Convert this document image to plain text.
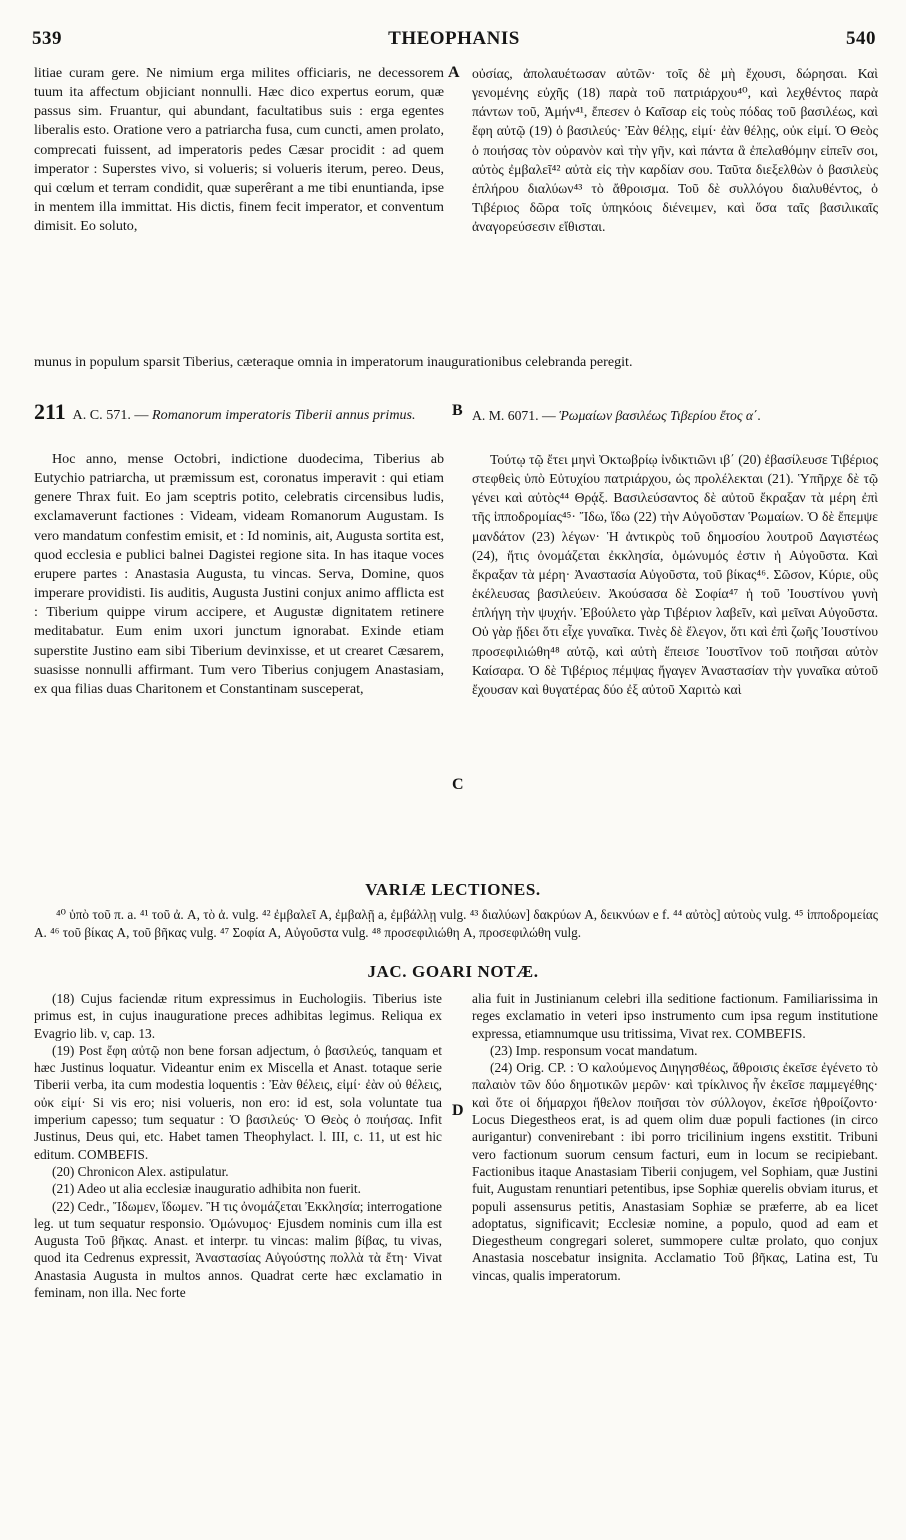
539	THEOPHANIS	540
A
B
C
D

litiae curam gere. Ne nimium erga milites officiaris, ne decessorem tuum ita affectum objiciant nonnulli. Hæc dico expertus eorum, quæ passus sim. Fruantur, qui abundant, facultatibus suis : erga egentes liberalis esto. Oratione vero a patriarcha fusa, cum cuncti, amen prolato, comprecati fuissent, ad imperatoris pedes Cæsar procidit : ad quem imperator : Superstes vivo, si volueris; si volueris iterum, pereo. Deus, qui cœlum et terram condidit, quæ superêrant a me tibi enuntianda, ipse in mentem illa immittat. His dictis, finem fecit imperator, et conventum dimisit. Eo soluto,

οὐσίας, ἀπολαυέτωσαν αὐτῶν· τοῖς δὲ μὴ ἔχουσι, δώρησαι. Καὶ γενομένης εὐχῆς (18) παρὰ τοῦ πατριάρχου⁴⁰, καὶ λεχθέντος παρὰ πάντων τοῦ, Ἀμήν⁴¹, ἔπεσεν ὁ Καῖσαρ εἰς τοὺς πόδας τοῦ βασιλέως, καὶ ἔφη αὐτῷ (19) ὁ βασιλεύς· Ἐὰν θέλῃς, εἰμί· ἐὰν θέλῃς, οὐκ εἰμί. Ὁ Θεὸς ὁ ποιήσας τὸν οὐρανὸν καὶ τὴν γῆν, καὶ πάντα ἃ ἐπελαθόμην εἰπεῖν σοι, αὐτὸς ἐμβαλεῖ⁴² αὐτὰ εἰς τὴν καρδίαν σου. Ταῦτα διεξελθὼν ὁ βασιλεὺς ἐπλήρου διαλύων⁴³ τὸ ἄθροισμα. Τοῦ δὲ συλλόγου διαλυθέντος, ὁ Τιβέριος δῶρα τοῖς ὑπηκόοις διένειμεν, καὶ ὅσα ταῖς βασιλικαῖς ἀναγορεύσεσιν εἴθισται.

munus in populum sparsit Tiberius, cæteraque omnia in imperatorum inaugurationibus celebranda peregit.

211 A. C. 571. — Romanorum imperatoris Tiberii annus primus.	A. M. 6071. — Ῥωμαίων βασιλέως Τιβερίου ἔτος α΄.

Hoc anno, mense Octobri, indictione duodecima, Tiberius ab Eutychio patriarcha, ut præmissum est, coronatus imperavit : qui etiam genere Thrax fuit. Eo jam sceptris potito, celebratis circensibus ludis, exclamaverunt factiones : Videam, videam Romanorum Augustam. Is vero mandatum confestim emisit, et : Id nominis, ait, Augusta sortita est, quod ecclesia e publici balnei Dagistei regione sita. In has itaque voces erupere partes : Anastasia Augusta, tu vincas. Serva, Domine, quos imperare providisti. Iis auditis, Augusta Justini conjux animo afflicta est : Tiberium quippe virum accipere, et Augustæ dignitatem retinere meditabatur. Eum enim uxori junctum ignorabat. Exinde etiam superstite Justino eam sibi Tiberium devinxisse, et ut crearet Cæsarem, suasisse nonnulli affirmant. Tum vero Tiberius conjugem Anastasiam, ex qua filias duas Charitonem et Constantinam susceperat,

Τούτῳ τῷ ἔτει μηνὶ Ὀκτωβρίῳ ἰνδικτιῶνι ιβ΄ (20) ἐβασίλευσε Τιβέριος στεφθεὶς ὑπὸ Εὐτυχίου πατριάρχου, ὡς προλέλεκται (21). Ὑπῆρχε δὲ τῷ γένει καὶ αὐτὸς⁴⁴ Θρᾴξ. Βασιλεύσαντος δὲ αὐτοῦ ἔκραξαν τὰ μέρη ἐπὶ τῆς ἱπποδρομίας⁴⁵· Ἴδω, ἴδω (22) τὴν Αὐγοῦσταν Ῥωμαίων. Ὁ δὲ ἔπεμψε μανδάτον (23) λέγων· Ἡ ἀντικρὺς τοῦ δημοσίου λουτροῦ Δαγιστέως (24), ἥτις ὀνομάζεται ἐκκλησία, ὁμώνυμός ἐστιν ἡ Αὐγοῦστα. Καὶ ἔκραξαν τὰ μέρη· Ἀναστασία Αὐγοῦστα, τοῦ βίκας⁴⁶. Σῶσον, Κύριε, οὓς ἐκέλευσας βασιλεύειν. Ἀκούσασα δὲ Σοφία⁴⁷ ἡ τοῦ Ἰουστίνου γυνὴ ἐπλήγη τὴν ψυχήν. Ἐβούλετο γὰρ Τιβέριον λαβεῖν, καὶ μεῖναι Αὐγοῦστα. Οὐ γὰρ ᾔδει ὅτι εἶχε γυναῖκα. Τινὲς δὲ ἔλεγον, ὅτι καὶ ἐπὶ ζωῆς Ἰουστίνου προσεφιλιώθη⁴⁸ αὐτῷ, καὶ αὐτὴ ἔπεισε Ἰουστῖνον τοῦ ποιῆσαι αὐτὸν Καίσαρα. Ὁ δὲ Τιβέριος πέμψας ἤγαγεν Ἀναστασίαν τὴν γυναῖκα αὐτοῦ ἔχουσαν καὶ θυγατέρας δύο ἐξ αὐτοῦ Χαριτὼ καὶ

VARIÆ LECTIONES.
⁴⁰ ὑπὸ τοῦ π. a. ⁴¹ τοῦ ἀ. A, τὸ ἀ. vulg. ⁴² ἐμβαλεῖ A, ἐμβαλῇ a, ἐμβάλλῃ vulg. ⁴³ διαλύων] δακρύων A, δεικνύων e f. ⁴⁴ αὐτὸς] αὐτοὺς vulg. ⁴⁵ ἱπποδρομείας A. ⁴⁶ τοῦ βίκας A, τοῦ βῆκας vulg. ⁴⁷ Σοφία A, Αὐγοῦστα vulg. ⁴⁸ προσεφιλιώθη A, προσεφιλώθη vulg.
JAC. GOARI NOTÆ.

(18) Cujus faciendæ ritum expressimus in Euchologiis. Tiberius iste primus est, in cujus inauguratione preces adhibitas legimus. Reliqua ex Evagrio lib. v, cap. 13.

(19) Post ἔφη αὐτῷ non bene forsan adjectum, ὁ βασιλεύς, tanquam et hæc Justinus loquatur. Videantur enim ex Miscella et Anast. totaque serie Tiberii verba, ita cum modestia loquentis : Ἐὰν θέλεις, εἰμί· ἐὰν οὐ θέλεις, οὐκ εἰμί· Si vis ero; nisi volueris, non ero: id est, sola voluntate tua imperium capesso; tum sequatur : Ὁ βασιλεύς· Ὁ Θεὸς ὁ ποιήσας. Infit Justinus, Deus qui, etc. Habet tamen Theophylact. l. III, c. 11, ut est hic editum. COMBEFIS.

(20) Chronicon Alex. astipulatur.

(21) Adeo ut alia ecclesiæ inauguratio adhibita non fuerit.

(22) Cedr., Ἴδωμεν, ἴδωμεν. Ἢ τις ὀνομάζεται Ἐκκλησία; interrogatione leg. ut tum sequatur responsio. Ὁμώνυμος· Ejusdem nominis cum illa est Augusta Τοῦ βῆκας. Anast. et interpr. tu vincas: malim βίβας, tu vivas, quod ita Cedrenus expressit, Ἀναστασίας Αὐγούστης πολλὰ τὰ ἔτη· Vivat Anastasia Augusta in multos annos. Quadrat certe hæc exclamatio in feminam, non illa. Nec forte

alia fuit in Justinianum celebri illa seditione factionum. Familiarissima in reges exclamatio in veteri ipso instrumento cum ipsa regum institutione expressa, etiamnumque usu tritissima, Vivat rex. COMBEFIS.

(23) Imp. responsum vocat mandatum.

(24) Orig. CP. : Ὁ καλούμενος Διηγησθέως, ἄθροισις ἐκεῖσε ἐγένετο τὸ παλαιὸν τῶν δύο δημοτικῶν μερῶν· καὶ τρίκλινος ἦν ἐκεῖσε παμμεγέθης· καὶ ὅτε οἱ δήμαρχοι ἤθελον ποιῆσαι τὸν σύλλογον, ἐκεῖσε ἠθροίζοντο· Locus Diegestheos erat, is ad quem olim duæ populi factiones (in circo aurigantur) convenirebant : ibi porro tricilinium ingens exstitit. Tribuni vero factionum suorum censum facturi, eum in locum se recipiebant. Factionibus itaque Anastasiam Tiberii conjugem, vel Sophiam, quæ Justini fuit, Augustam renuntiari petentibus, ipse Sophiæ querelis obviam iturus, et populi assensurus petitis, Anastasiam Sophiæ se præferre, ab ea licet adoptatus, significavit; Ecclesiæ nomine, a populo, quod ad eam et Diegestheum congregari soleret, summopere cultæ prolato, quo conjux Anastasia noscebatur insignita. Acclamatio Τοῦ βῆκας, Latina est, Tu vincas, qualis imperatorum.
